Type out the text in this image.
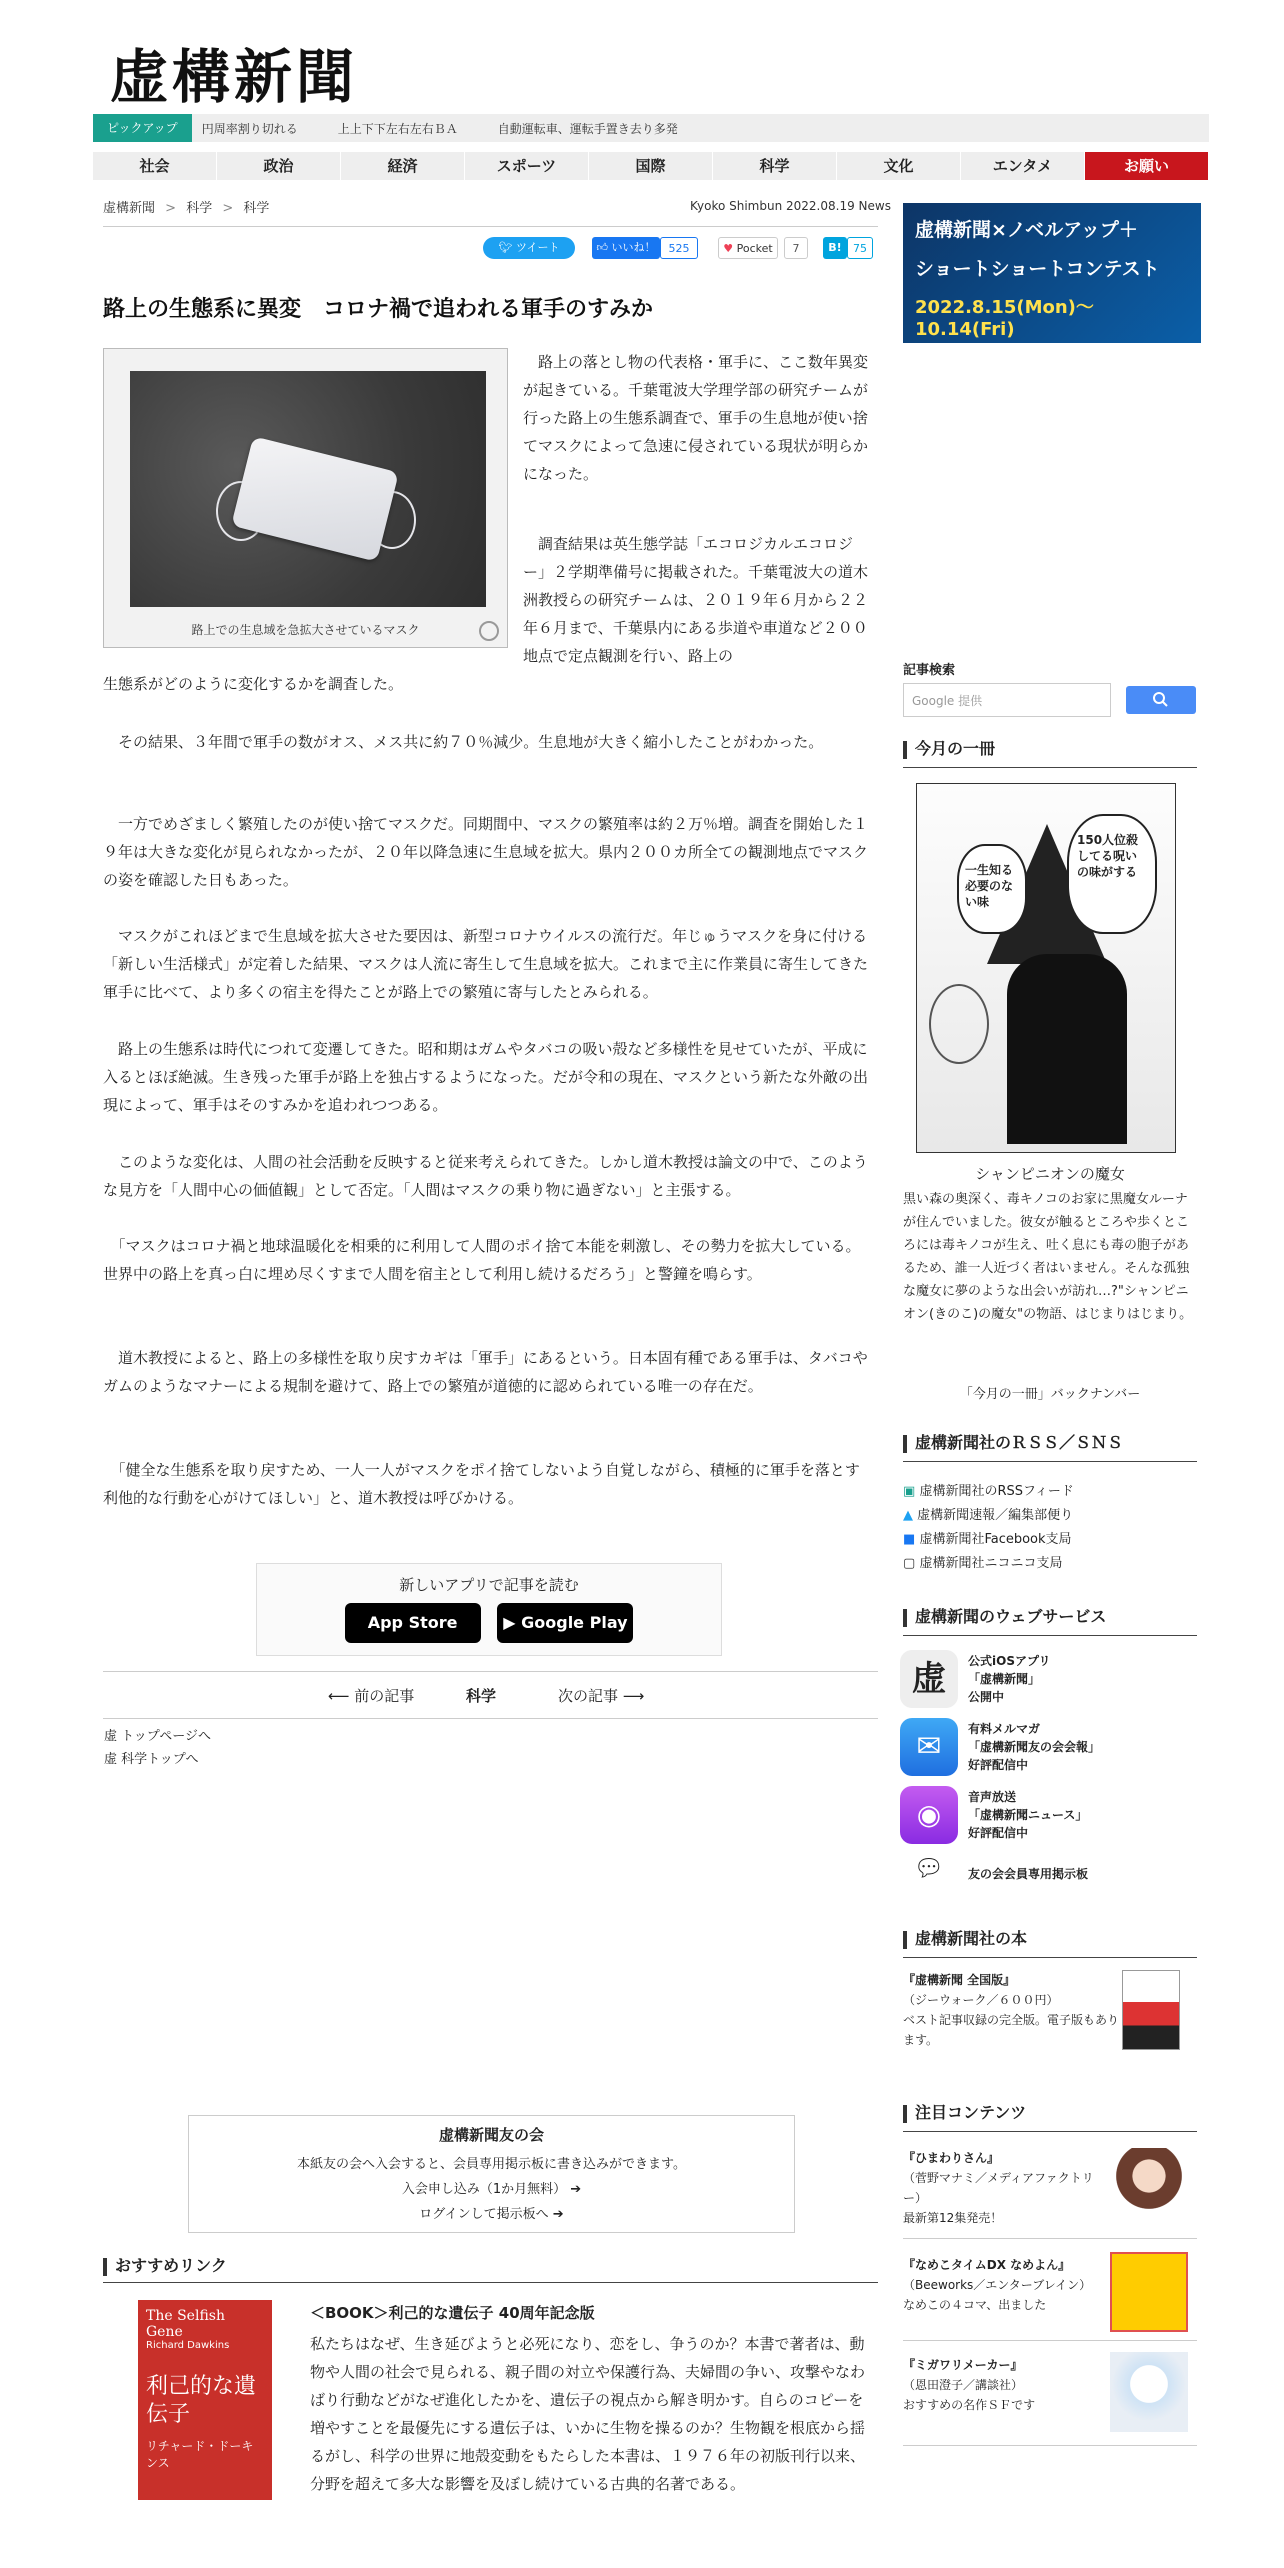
虚構新聞
ピックアップ	円周率割り切れる	上上下下左右左右ＢＡ	自動運転車、運転手置き去り多発
社会	政治	経済	スポーツ	国際	科学	文化	エンタメ	お願い
虚構新聞 > 科学 > 科学	Kyoko Shimbun 2022.08.19 News
🐦︎ ツイート	👍︎ いいね！	525	♥ Pocket	7	B!	75
路上の生態系に異変　コロナ禍で追われる軍手のすみか
路上での生息域を急拡大させているマスク

　路上の落とし物の代表格・軍手に、ここ数年異変が起きている。千葉電波大学理学部の研究チームが行った路上の生態系調査で、軍手の生息地が使い捨てマスクによって急速に侵されている現状が明らかになった。

　調査結果は英生態学誌「エコロジカルエコロジー」２学期準備号に掲載された。千葉電波大の道木洲教授らの研究チームは、２０１９年６月から２２年６月まで、千葉県内にある歩道や車道など２００地点で定点観測を行い、路上の

生態系がどのように変化するかを調査した。

　その結果、３年間で軍手の数がオス、メス共に約７０％減少。生息地が大きく縮小したことがわかった。

　一方でめざましく繁殖したのが使い捨てマスクだ。同期間中、マスクの繁殖率は約２万％増。調査を開始した１９年は大きな変化が見られなかったが、２０年以降急速に生息域を拡大。県内２００カ所全ての観測地点でマスクの姿を確認した日もあった。

　マスクがこれほどまで生息域を拡大させた要因は、新型コロナウイルスの流行だ。年じゅうマスクを身に付ける「新しい生活様式」が定着した結果、マスクは人流に寄生して生息域を拡大。これまで主に作業員に寄生してきた軍手に比べて、より多くの宿主を得たことが路上での繁殖に寄与したとみられる。

　路上の生態系は時代につれて変遷してきた。昭和期はガムやタバコの吸い殻など多様性を見せていたが、平成に入るとほぼ絶滅。生き残った軍手が路上を独占するようになった。だが令和の現在、マスクという新たな外敵の出現によって、軍手はそのすみかを追われつつある。

　このような変化は、人間の社会活動を反映すると従来考えられてきた。しかし道木教授は論文の中で、このような見方を「人間中心の価値観」として否定。「人間はマスクの乗り物に過ぎない」と主張する。

　「マスクはコロナ禍と地球温暖化を相乗的に利用して人間のポイ捨て本能を刺激し、その勢力を拡大している。世界中の路上を真っ白に埋め尽くすまで人間を宿主として利用し続けるだろう」と警鐘を鳴らす。

　道木教授によると、路上の多様性を取り戻すカギは「軍手」にあるという。日本固有種である軍手は、タバコやガムのようなマナーによる規制を避けて、路上での繁殖が道徳的に認められている唯一の存在だ。

　「健全な生態系を取り戻すため、一人一人がマスクをポイ捨てしないよう自覚しながら、積極的に軍手を落とす利他的な行動を心がけてほしい」と、道木教授は呼びかける。

新しいアプリで記事を読む
App Store	▶ Google Play
⟵ 前の記事	科学	次の記事 ⟶
虚 トップページへ
虚 科学トップへ
虚構新聞友の会
本紙友の会へ入会すると、会員専用掲示板に書き込みができます。
入会申し込み（1か月無料） ➔
ログインして掲示板へ ➔
おすすめリンク
The Selfish Gene
Richard Dawkins
利己的な遺伝子
リチャード・ドーキンス
＜BOOK＞利己的な遺伝子 40周年記念版

私たちはなぜ、生き延びようと必死になり、恋をし、争うのか？本書で著者は、動物や人間の社会で見られる、親子間の対立や保護行為、夫婦間の争い、攻撃やなわばり行動などがなぜ進化したかを、遺伝子の視点から解き明かす。自らのコピーを増やすことを最優先にする遺伝子は、いかに生物を操るのか？生物観を根底から揺るがし、科学の世界に地殻変動をもたらした本書は、１９７６年の初版刊行以来、分野を超えて多大な影響を及ぼし続けている古典的名著である。

虚構新聞×ノベルアップ＋
ショートショートコンテスト
2022.8.15(Mon)〜10.14(Fri)
記事検索
Google 提供
今月の一冊
150人位殺してる呪いの味がする
一生知る必要のない味
シャンピニオンの魔女

黒い森の奥深く、毒キノコのお家に黒魔女ルーナが住んでいました。彼女が触るところや歩くところには毒キノコが生え、吐く息にも毒の胞子があるため、誰一人近づく者はいません。そんな孤独な魔女に夢のような出会いが訪れ…?"シャンピニオン(きのこ)の魔女"の物語、はじまりはじまり。

「今月の一冊」バックナンバー
虚構新聞社のＲＳＳ／ＳＮＳ
▣ 虚構新聞社のRSSフィード
▲ 虚構新聞速報／編集部便り
■ 虚構新聞社Facebook支局
▢ 虚構新聞社ニコニコ支局
虚構新聞のウェブサービス
虚	公式iOSアプリ
「虚構新聞」
公開中
✉	有料メルマガ
「虚構新聞友の会会報」
好評配信中
◉
音声放送
「虚構新聞ニュース」
好評配信中
💬︎	友の会会員専用掲示板
虚構新聞社の本
『虚構新聞 全国版』
（ジーウォーク／６００円）
ベスト記事収録の完全版。電子版もあります。
注目コンテンツ
『ひまわりさん』
（菅野マナミ／メディアファクトリー）
最新第12集発売！
『なめこタイムDX なめよん』
（Beeworks／エンターブレイン）
なめこの４コマ、出ました
『ミガワリメーカー』
（恩田澄子／講談社）
おすすめの名作ＳＦです
